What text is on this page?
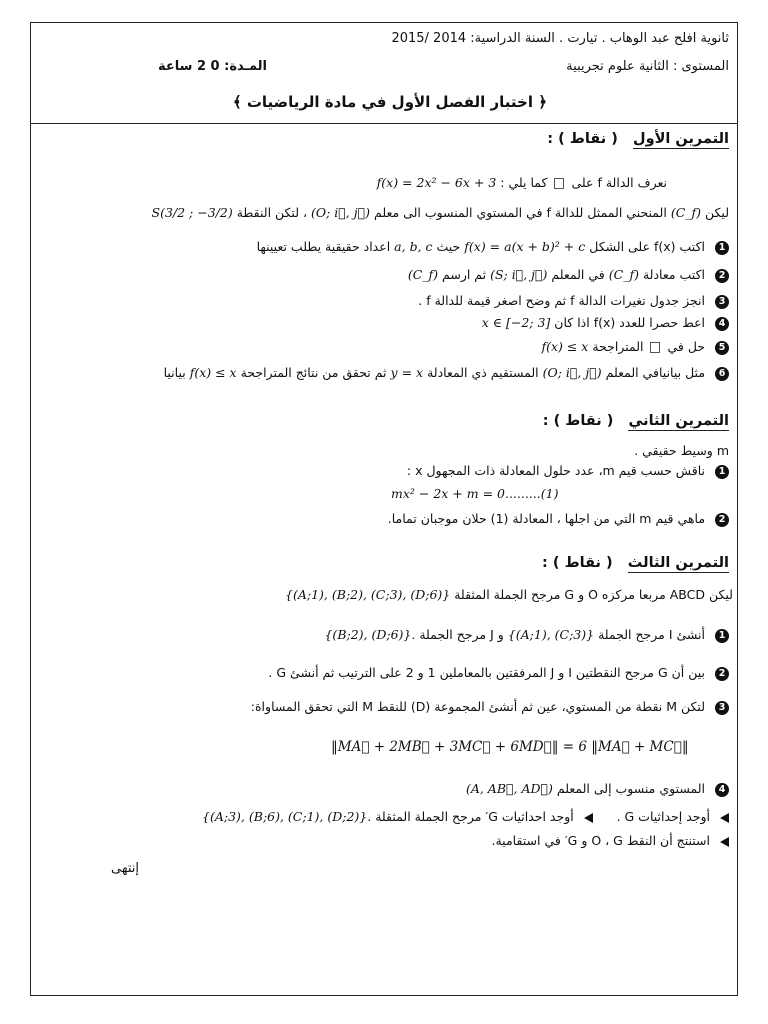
ثانوية افلح عبد الوهاب . تيارت . السنة الدراسية: 2014 /2015
المستوى : الثانية علوم تجريبية
المـدة: 0 2 ساعة
﴿ اختبار الفصل الأول في مادة الرياضيات ﴾
التمرين الأول   ( نقاط ) :
نعرف الدالة f على  كما يلي : f(x) = 2x² − 6x + 3
ليكن (C_f) المنحني الممثل للدالة f في المستوي المنسوب الى معلم (O; i⃗, j⃗) ، لتكن النقطة S(3/2 ; −3/2)
1 اكتب f(x) على الشكل f(x) = a(x + b)² + c حيث a, b, c اعداد حقيقية يطلب تعيينها
2 اكتب معادلة (C_f) في المعلم (S; i⃗, j⃗) ثم ارسم (C_f)
3 انجز جدول تغيرات الدالة f ثم وضح اصغر قيمة للدالة f .
4 اعط حصرا للعدد f(x) اذا كان x ∈ [−2; 3]
5 حل في  المتراجحة f(x) ≤ x
6 مثل بيانيافي المعلم (O; i⃗, j⃗) المستقيم ذي المعادلة y = x ثم تحقق من نتائج المتراجحة f(x) ≤ x بيانيا
التمرين الثاني   ( نقاط ) :
m وسيط حقيقي .
1 ناقش حسب قيم m، عدد حلول المعادلة ذات المجهول x :
mx² − 2x + m = 0.........(1)
2 ماهي قيم m التي من اجلها ، المعادلة (1) حلان موجبان تماما.
التمرين الثالث   ( نقاط ) :
ليكن ABCD مربعا مركزه O و G مرجح الجملة المثقلة {(A;1), (B;2), (C;3), (D;6)}
1 أنشئ I مرجح الجملة {(A;1), (C;3)} و J مرجح الجملة {(B;2), (D;6)}.
2 بين أن G مرجح النقطتين I و J المرفقتين بالمعاملين 1 و 2 على الترتيب ثم أنشئ G .
3 لتكن M نقطة من المستوي، عين ثم أنشئ المجموعة (D) للنقط M التي تحقق المساواة:
‖MA⃗ + 2MB⃗ + 3MC⃗ + 6MD⃗‖ = 6 ‖MA⃗ + MC⃗‖
4 المستوي منسوب إلى المعلم (A, AB⃗, AD⃗)
أوجد إحداثيات G .       أوجد احداثيات G′ مرجح الجملة المثقلة {(A;3), (B;6), (C;1), (D;2)}.
استنتج أن النقط O ، G و G′ في استقامية.
إنتهى
